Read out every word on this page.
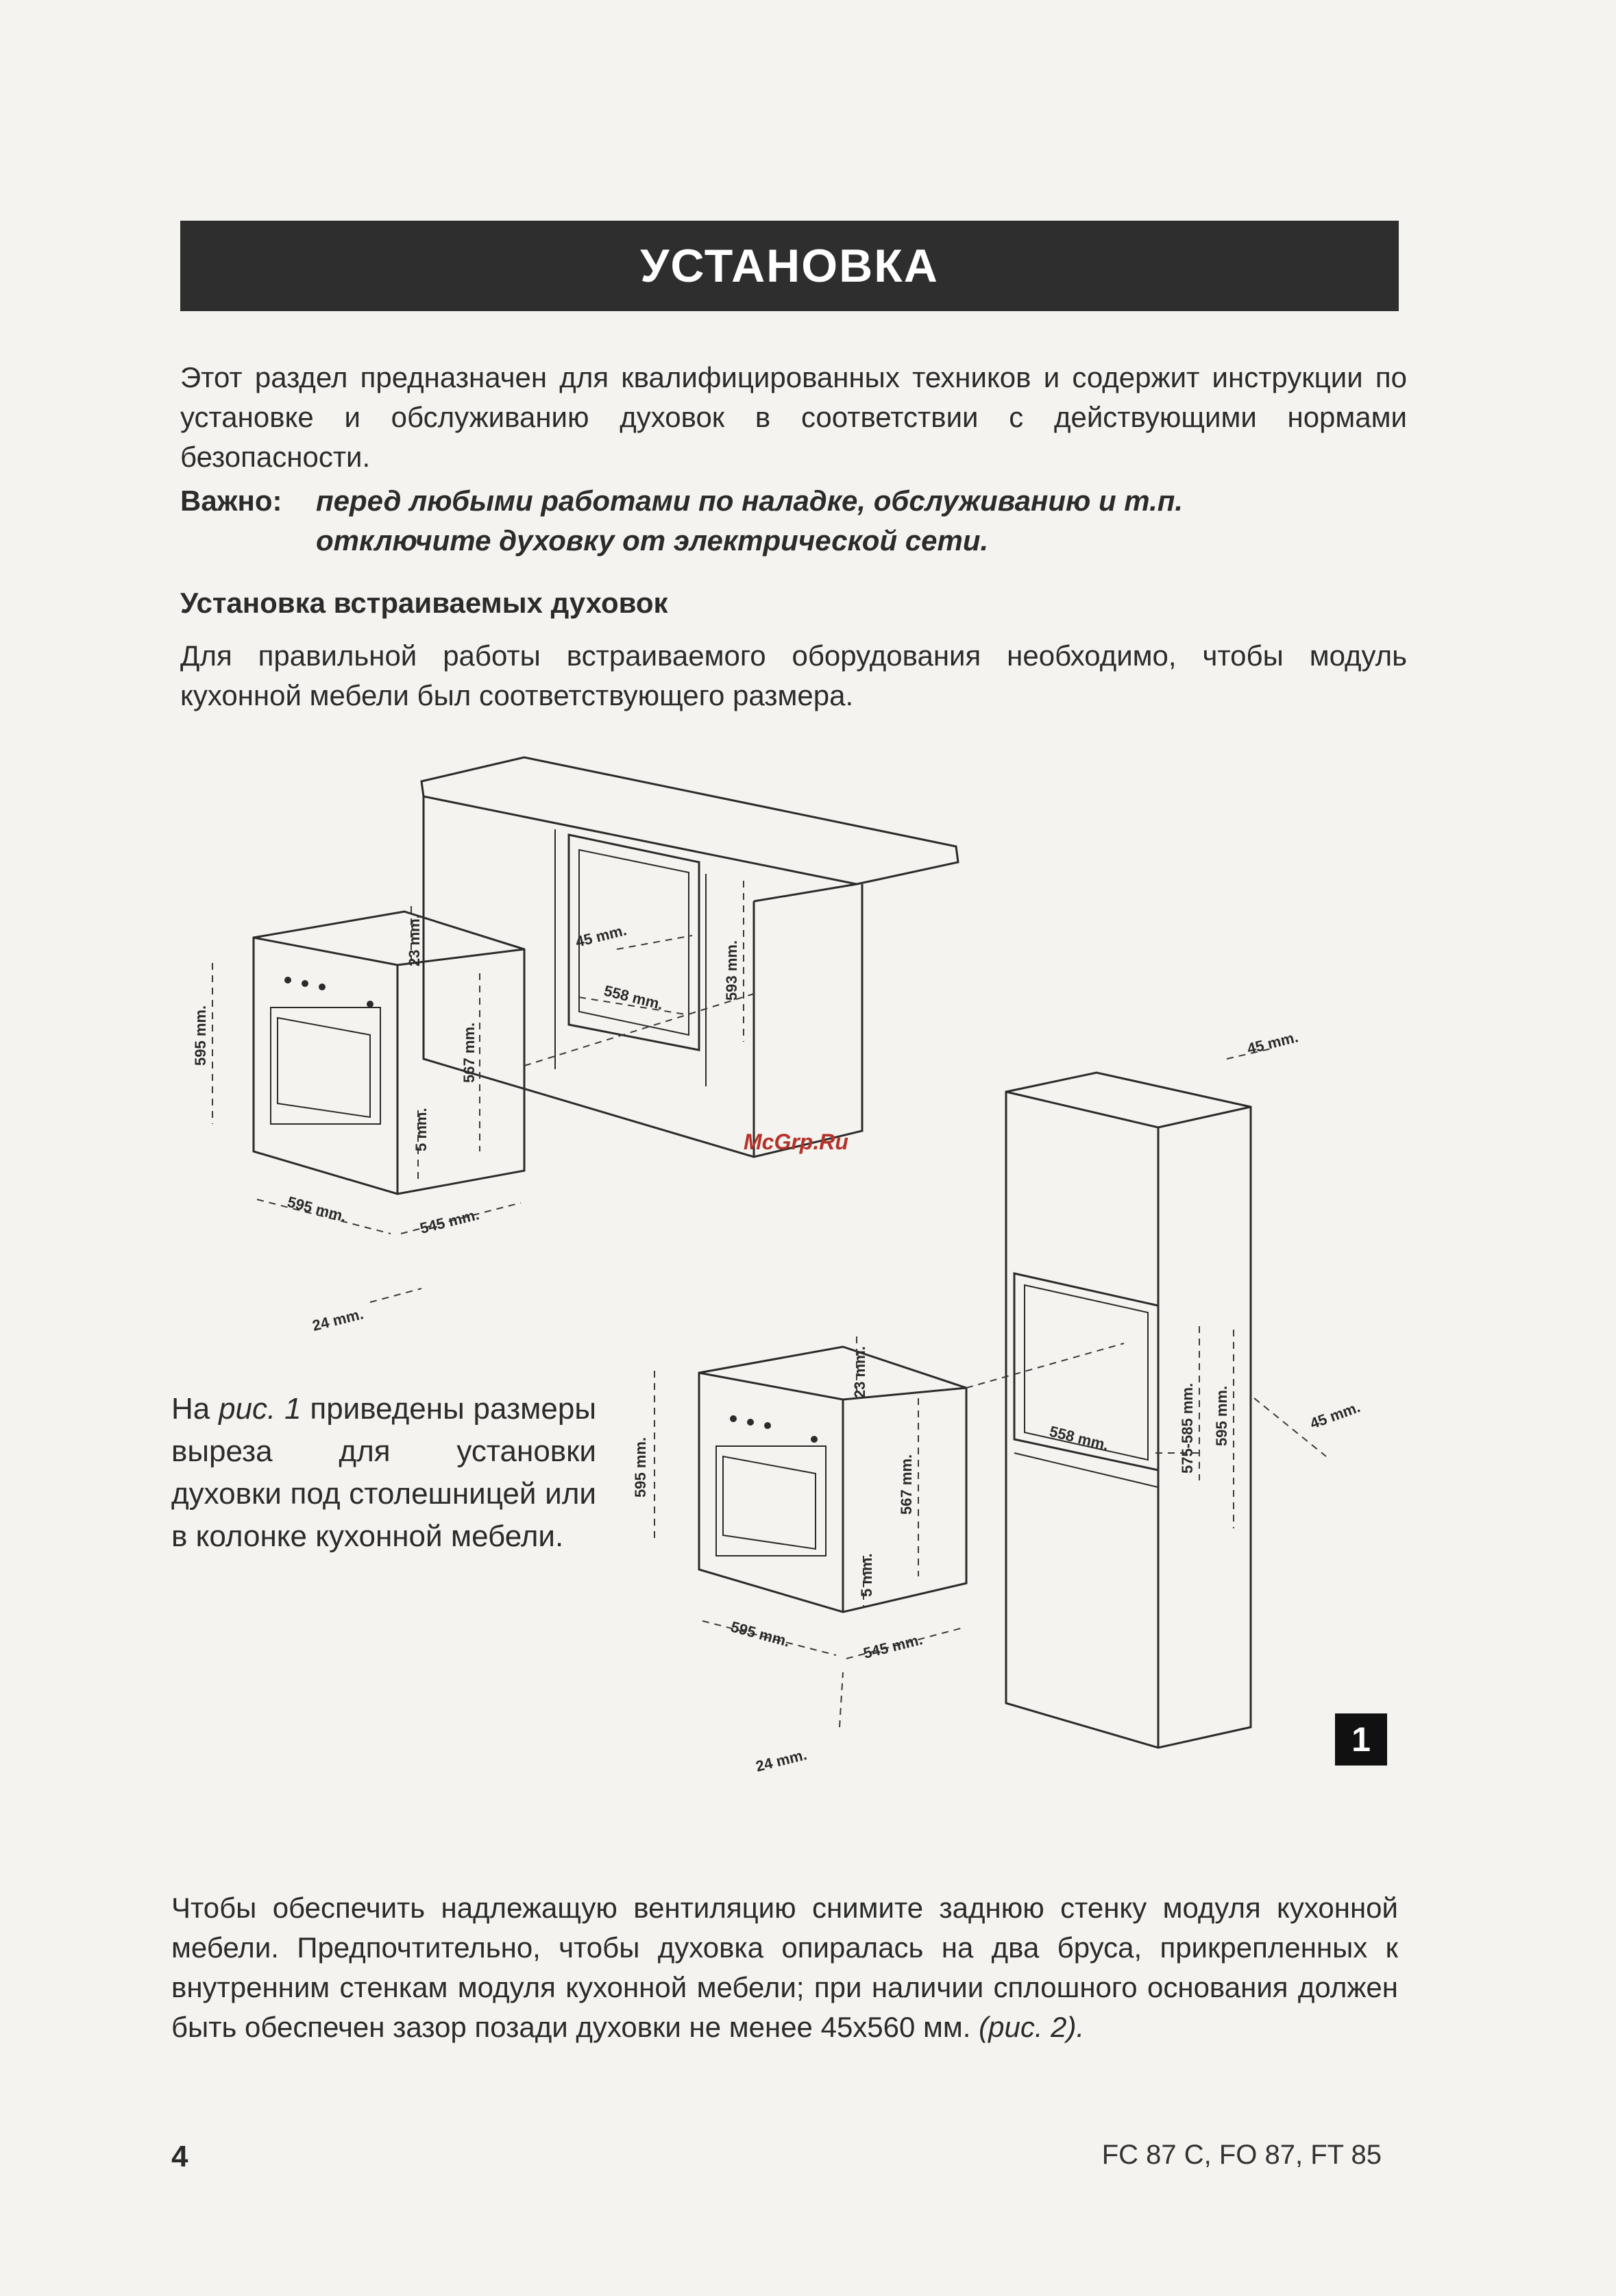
УСТАНОВКА

Этот раздел предназначен для квалифицированных техников и содержит инструкции по установке и обслуживанию духовок в соответствии с действующими нормами безопасности.

Важно: перед любыми работами по наладке, обслуживанию и т.п.
отключите духовку от электрической сети.

Установка встраиваемых духовок

Для правильной работы встраиваемого оборудования необходимо, чтобы модуль кухонной мебели был соответствующего размера.

595 mm.
23 mm.
567 mm.
5 mm.
595 mm.	545 mm.
24 mm.
45 mm.
558 mm.	593 mm.
595 mm.
23 mm.
567 mm.
5 mm.
595 mm.	545 mm.
24 mm.
558 mm.	575-585 mm. 595 mm.
45 mm.
45 mm.
McGrp.Ru

На рис. 1 приведены размеры выреза для установки духовки под столешницей или в колонке кухонной мебели.

1

Чтобы обеспечить надлежащую вентиляцию снимите заднюю стенку модуля кухонной мебели. Предпочтительно, чтобы духовка опиралась на два бруса, прикрепленных к внутренним стенкам модуля кухонной мебели; при наличии сплошного основания должен быть обеспечен зазор позади духовки не менее 45х560 мм. (рис. 2).

4	FC 87 C, FO 87, FT 85
